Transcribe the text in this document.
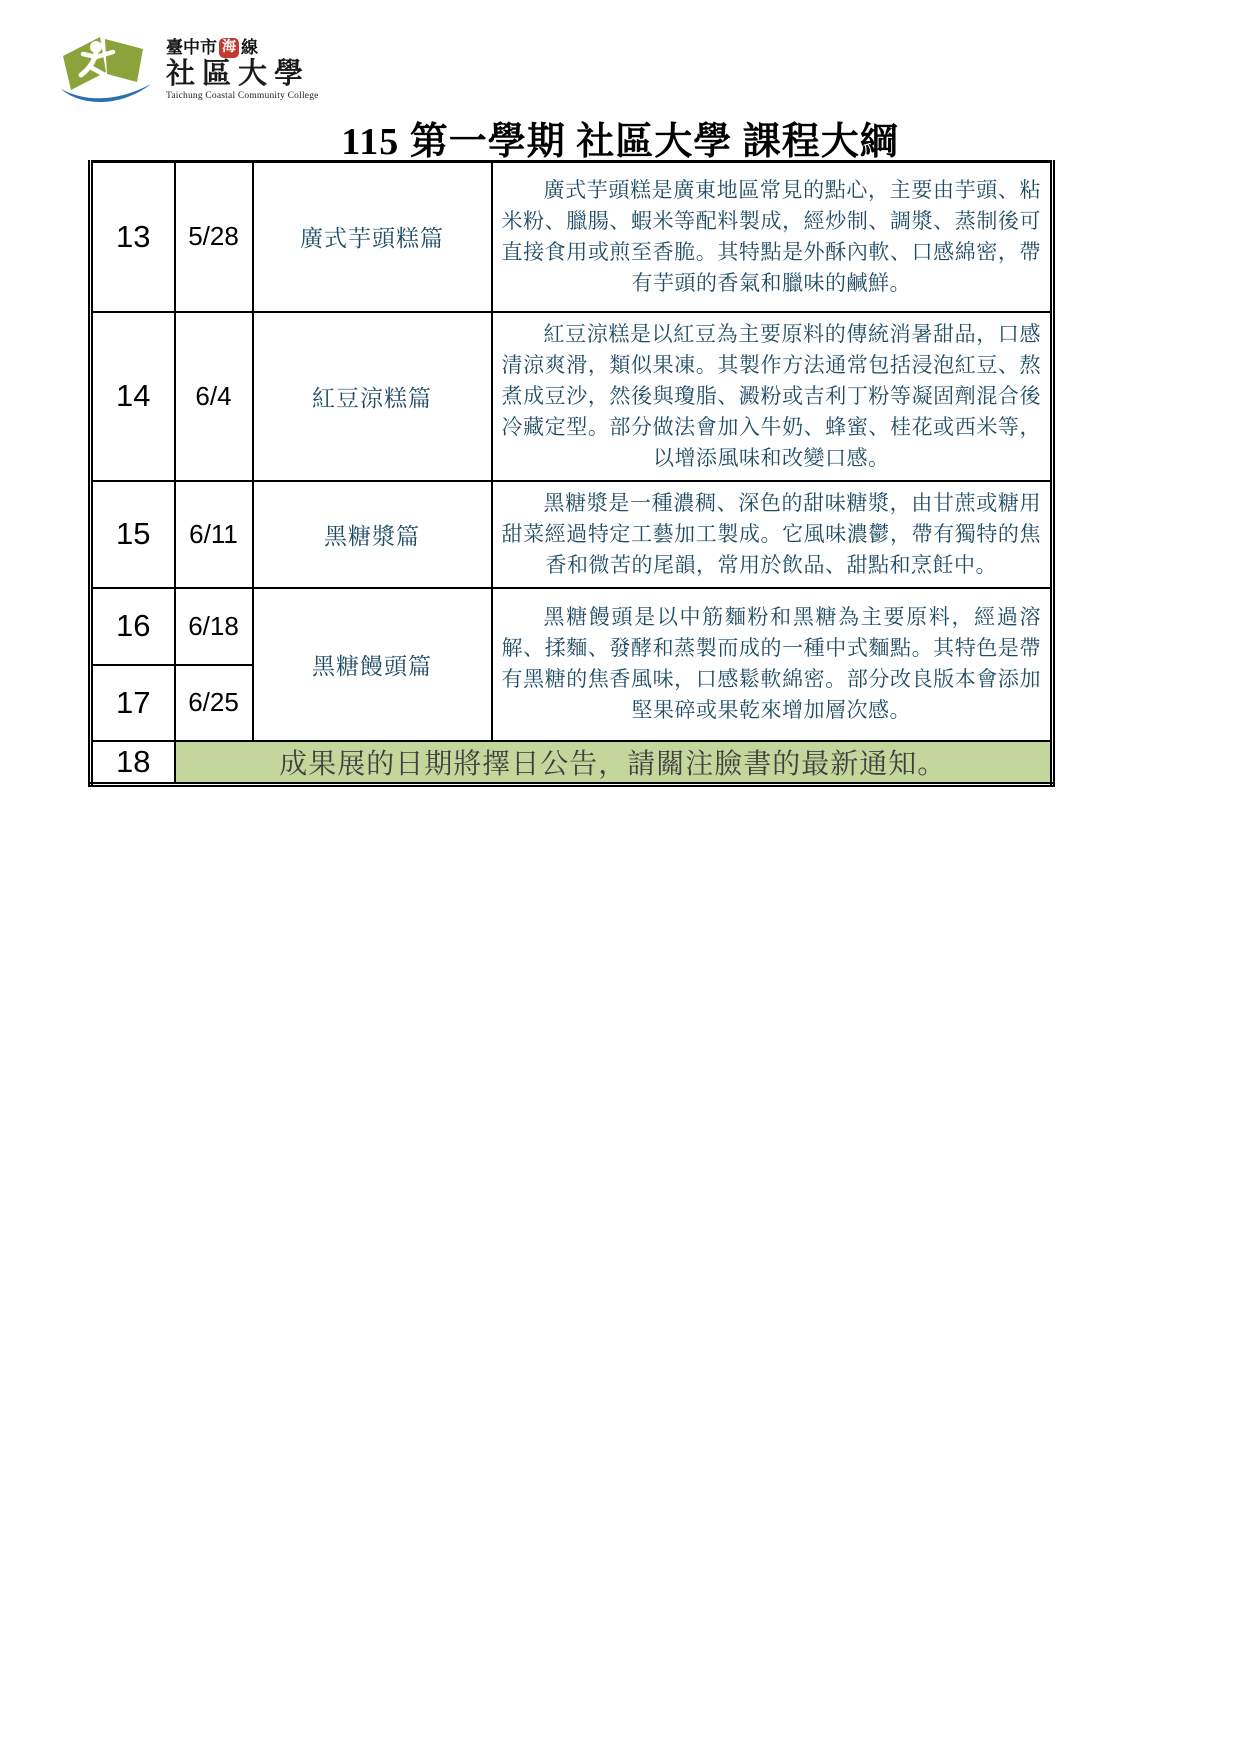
臺中市 海 線
社區大學
Taichung Coastal Community College
115 第一學期 社區大學 課程大綱
13	5/28	廣式芋頭糕篇	廣式芋頭糕是廣東地區常見的點心，主要由芋頭、粘米粉、臘腸、蝦米等配料製成，經炒制、調漿、蒸制後可直接食用或煎至香脆。其特點是外酥內軟、口感綿密，帶有芋頭的香氣和臘味的鹹鮮。
14	6/4	紅豆涼糕篇	紅豆涼糕是以紅豆為主要原料的傳統消暑甜品，口感清涼爽滑，類似果凍。其製作方法通常包括浸泡紅豆、熬煮成豆沙，然後與瓊脂、澱粉或吉利丁粉等凝固劑混合後冷藏定型。部分做法會加入牛奶、蜂蜜、桂花或西米等，以增添風味和改變口感。
15	6/11	黑糖漿篇	黑糖漿是一種濃稠、深色的甜味糖漿，由甘蔗或糖用甜菜經過特定工藝加工製成。它風味濃鬱，帶有獨特的焦香和微苦的尾韻，常用於飲品、甜點和烹飪中。
16	6/18	黑糖饅頭篇	黑糖饅頭是以中筋麵粉和黑糖為主要原料，經過溶解、揉麵、發酵和蒸製而成的一種中式麵點。其特色是帶有黑糖的焦香風味，口感鬆軟綿密。部分改良版本會添加堅果碎或果乾來增加層次感。
17	6/25		
18	成果展的日期將擇日公告，請關注臉書的最新通知。		
